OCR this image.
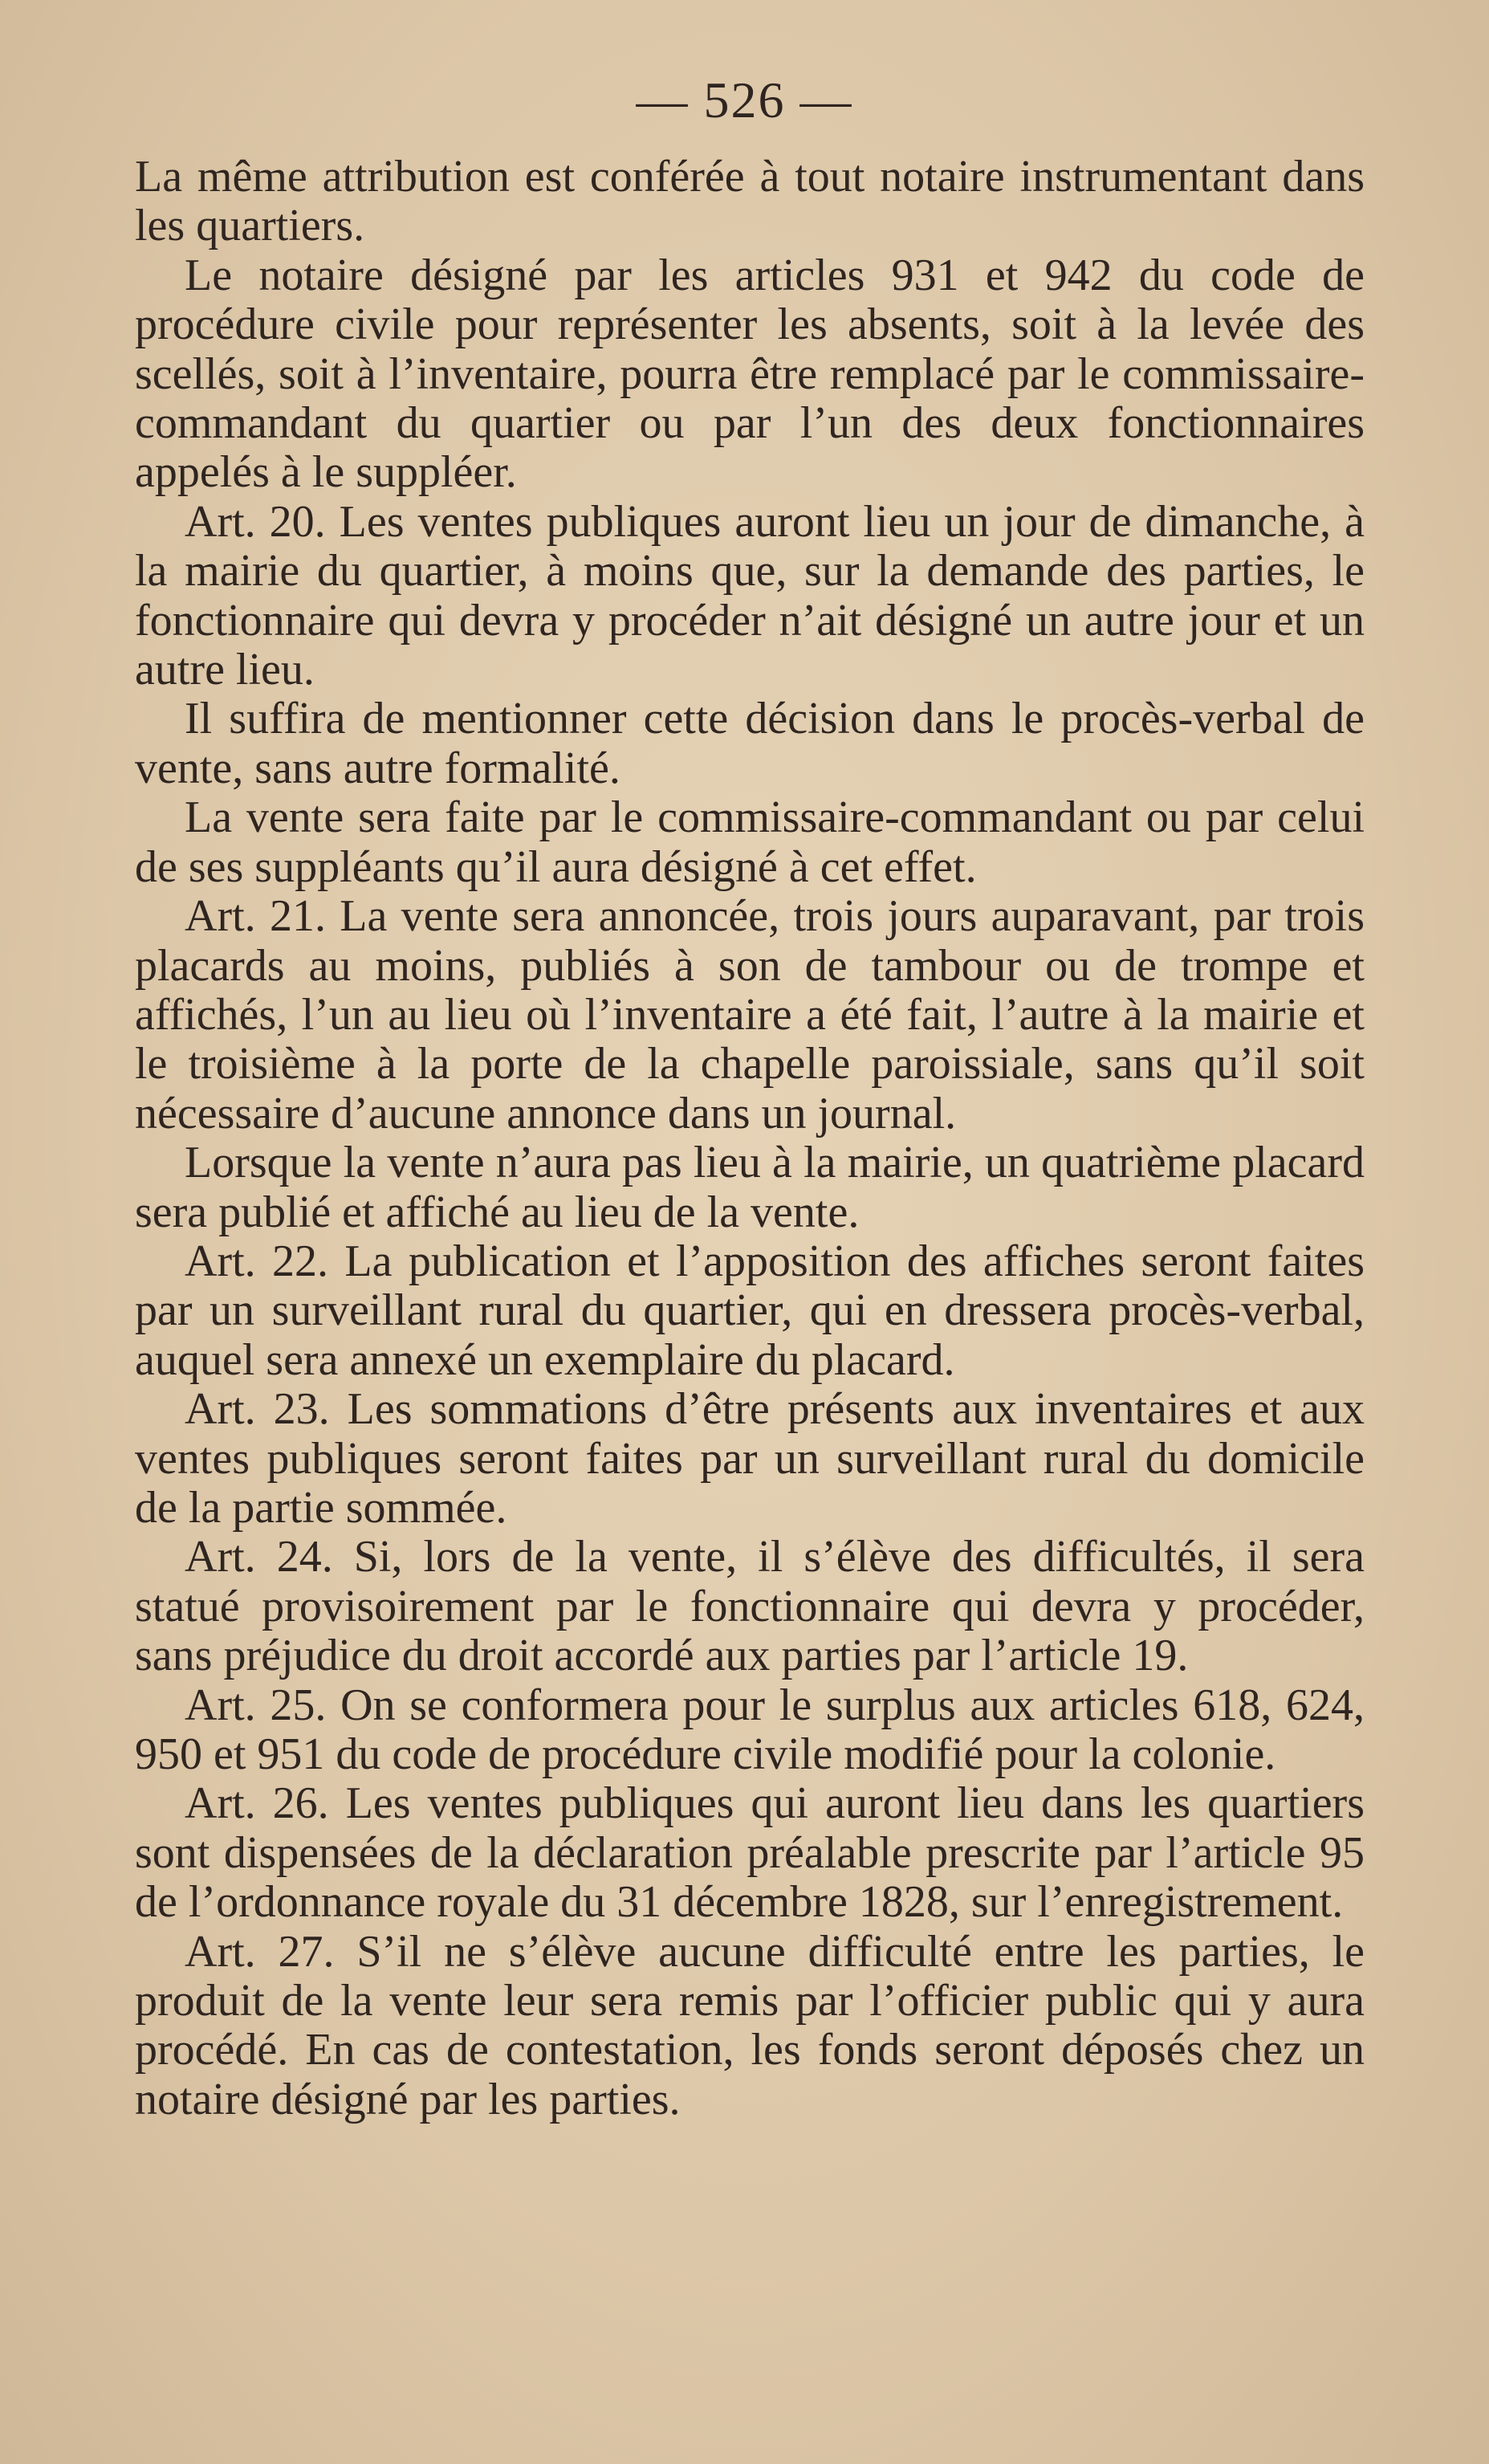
— 526 —

La même attribution est conférée à tout notaire instrumentant dans les quartiers.

Le notaire désigné par les articles 931 et 942 du code de procédure civile pour représenter les absents, soit à la levée des scellés, soit à l’inventaire, pourra être remplacé par le commissaire-commandant du quartier ou par l’un des deux fonctionnaires appelés à le suppléer.

Art. 20. Les ventes publiques auront lieu un jour de dimanche, à la mairie du quartier, à moins que, sur la demande des parties, le fonctionnaire qui devra y procéder n’ait désigné un autre jour et un autre lieu.

Il suffira de mentionner cette décision dans le procès-verbal de vente, sans autre formalité.

La vente sera faite par le commissaire-commandant ou par celui de ses suppléants qu’il aura désigné à cet effet.

Art. 21. La vente sera annoncée, trois jours auparavant, par trois placards au moins, publiés à son de tambour ou de trompe et affichés, l’un au lieu où l’inventaire a été fait, l’autre à la mairie et le troisième à la porte de la chapelle paroissiale, sans qu’il soit nécessaire d’aucune annonce dans un journal.

Lorsque la vente n’aura pas lieu à la mairie, un quatrième placard sera publié et affiché au lieu de la vente.

Art. 22. La publication et l’apposition des affiches seront faites par un surveillant rural du quartier, qui en dressera procès-verbal, auquel sera annexé un exemplaire du placard.

Art. 23. Les sommations d’être présents aux inventaires et aux ventes publiques seront faites par un surveillant rural du domicile de la partie sommée.

Art. 24. Si, lors de la vente, il s’élève des difficultés, il sera statué provisoirement par le fonctionnaire qui devra y procéder, sans préjudice du droit accordé aux parties par l’article 19.

Art. 25. On se conformera pour le surplus aux articles 618, 624, 950 et 951 du code de procédure civile modifié pour la colonie.

Art. 26. Les ventes publiques qui auront lieu dans les quartiers sont dispensées de la déclaration préalable prescrite par l’article 95 de l’ordonnance royale du 31 décembre 1828, sur l’enregistrement.

Art. 27. S’il ne s’élève aucune difficulté entre les parties, le produit de la vente leur sera remis par l’officier public qui y aura procédé. En cas de contestation, les fonds seront déposés chez un notaire désigné par les parties.
